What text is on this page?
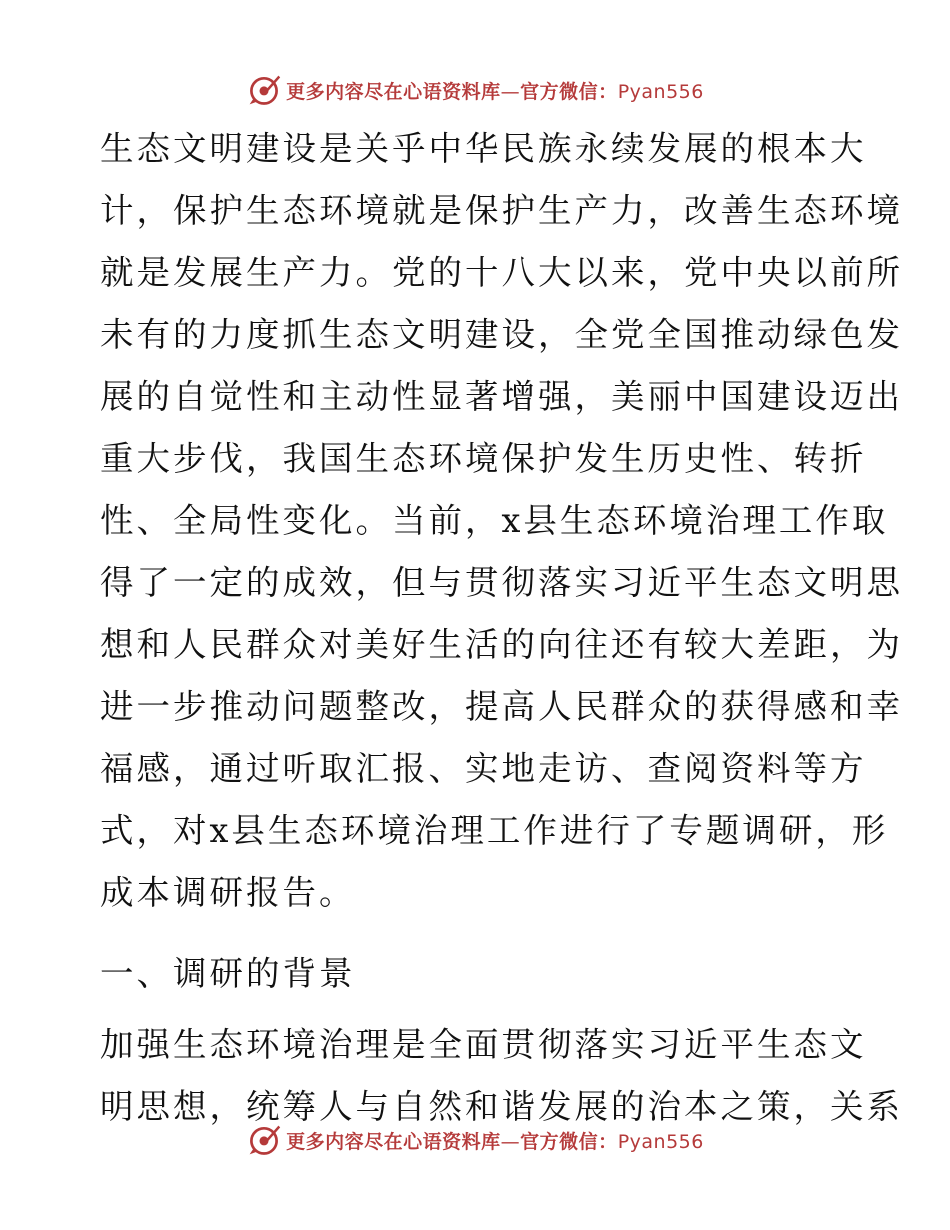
更多内容尽在心语资料库—官方微信：Pyan556
生态文明建设是关乎中华民族永续发展的根本大
计，保护生态环境就是保护生产力，改善生态环境
就是发展生产力。党的十八大以来，党中央以前所
未有的力度抓生态文明建设，全党全国推动绿色发
展的自觉性和主动性显著增强，美丽中国建设迈出
重大步伐，我国生态环境保护发生历史性、转折
性、全局性变化。当前，x县生态环境治理工作取
得了一定的成效，但与贯彻落实习近平生态文明思
想和人民群众对美好生活的向往还有较大差距，为
进一步推动问题整改，提高人民群众的获得感和幸
福感，通过听取汇报、实地走访、查阅资料等方
式，对x县生态环境治理工作进行了专题调研，形
成本调研报告。
一、调研的背景
加强生态环境治理是全面贯彻落实习近平生态文
明思想，统筹人与自然和谐发展的治本之策，关系
更多内容尽在心语资料库—官方微信：Pyan556
